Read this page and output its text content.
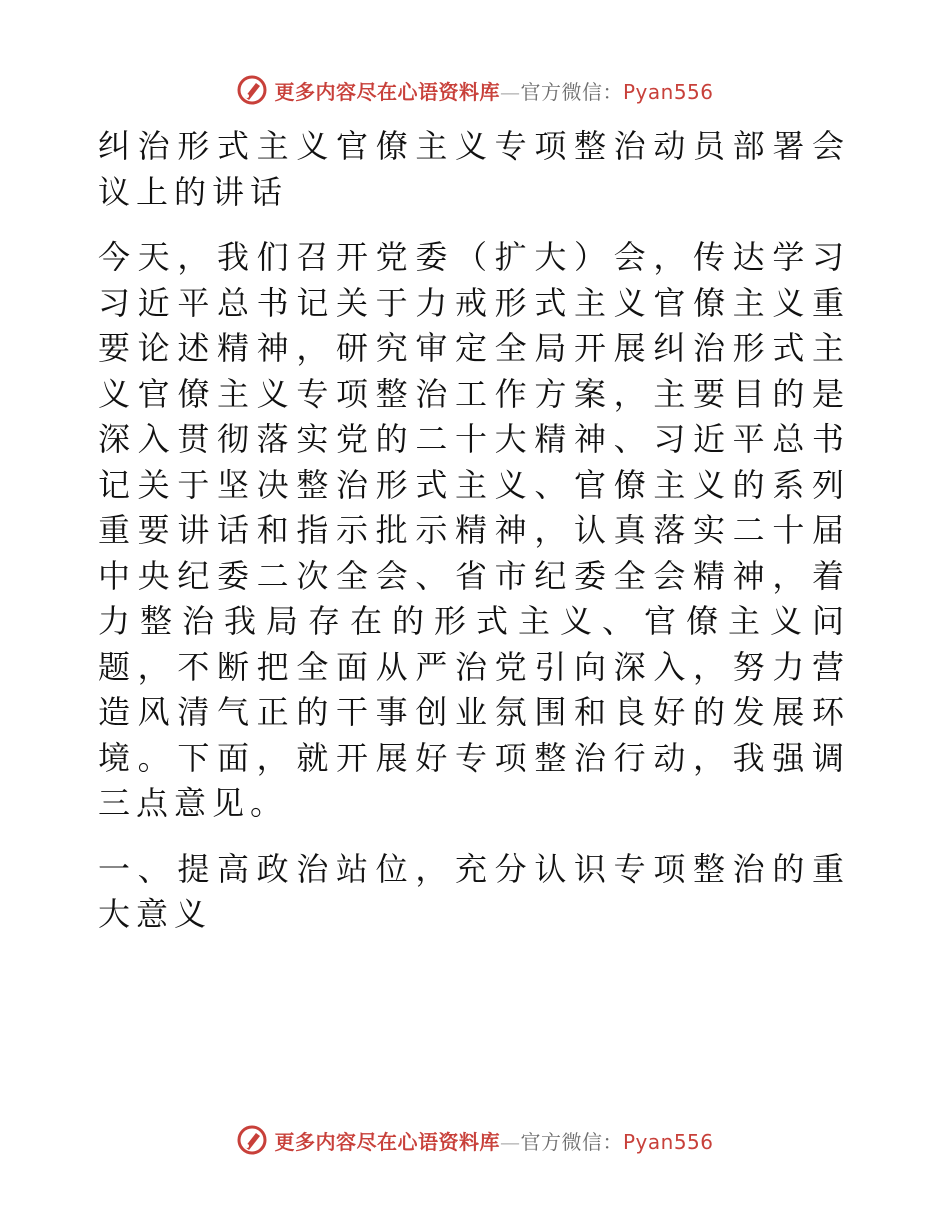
更多内容尽在心语资料库—官方微信：Pyan556

纠治形式主义官僚主义专项整治动员部署会议上的讲话

今天，我们召开党委（扩大）会，传达学习习近平总书记关于力戒形式主义官僚主义重要论述精神，研究审定全局开展纠治形式主义官僚主义专项整治工作方案，主要目的是深入贯彻落实党的二十大精神、习近平总书记关于坚决整治形式主义、官僚主义的系列重要讲话和指示批示精神，认真落实二十届中央纪委二次全会、省市纪委全会精神，着力整治我局存在的形式主义、官僚主义问题，不断把全面从严治党引向深入，努力营造风清气正的干事创业氛围和良好的发展环境。下面，就开展好专项整治行动，我强调三点意见。

一、提高政治站位，充分认识专项整治的重大意义

更多内容尽在心语资料库—官方微信：Pyan556
